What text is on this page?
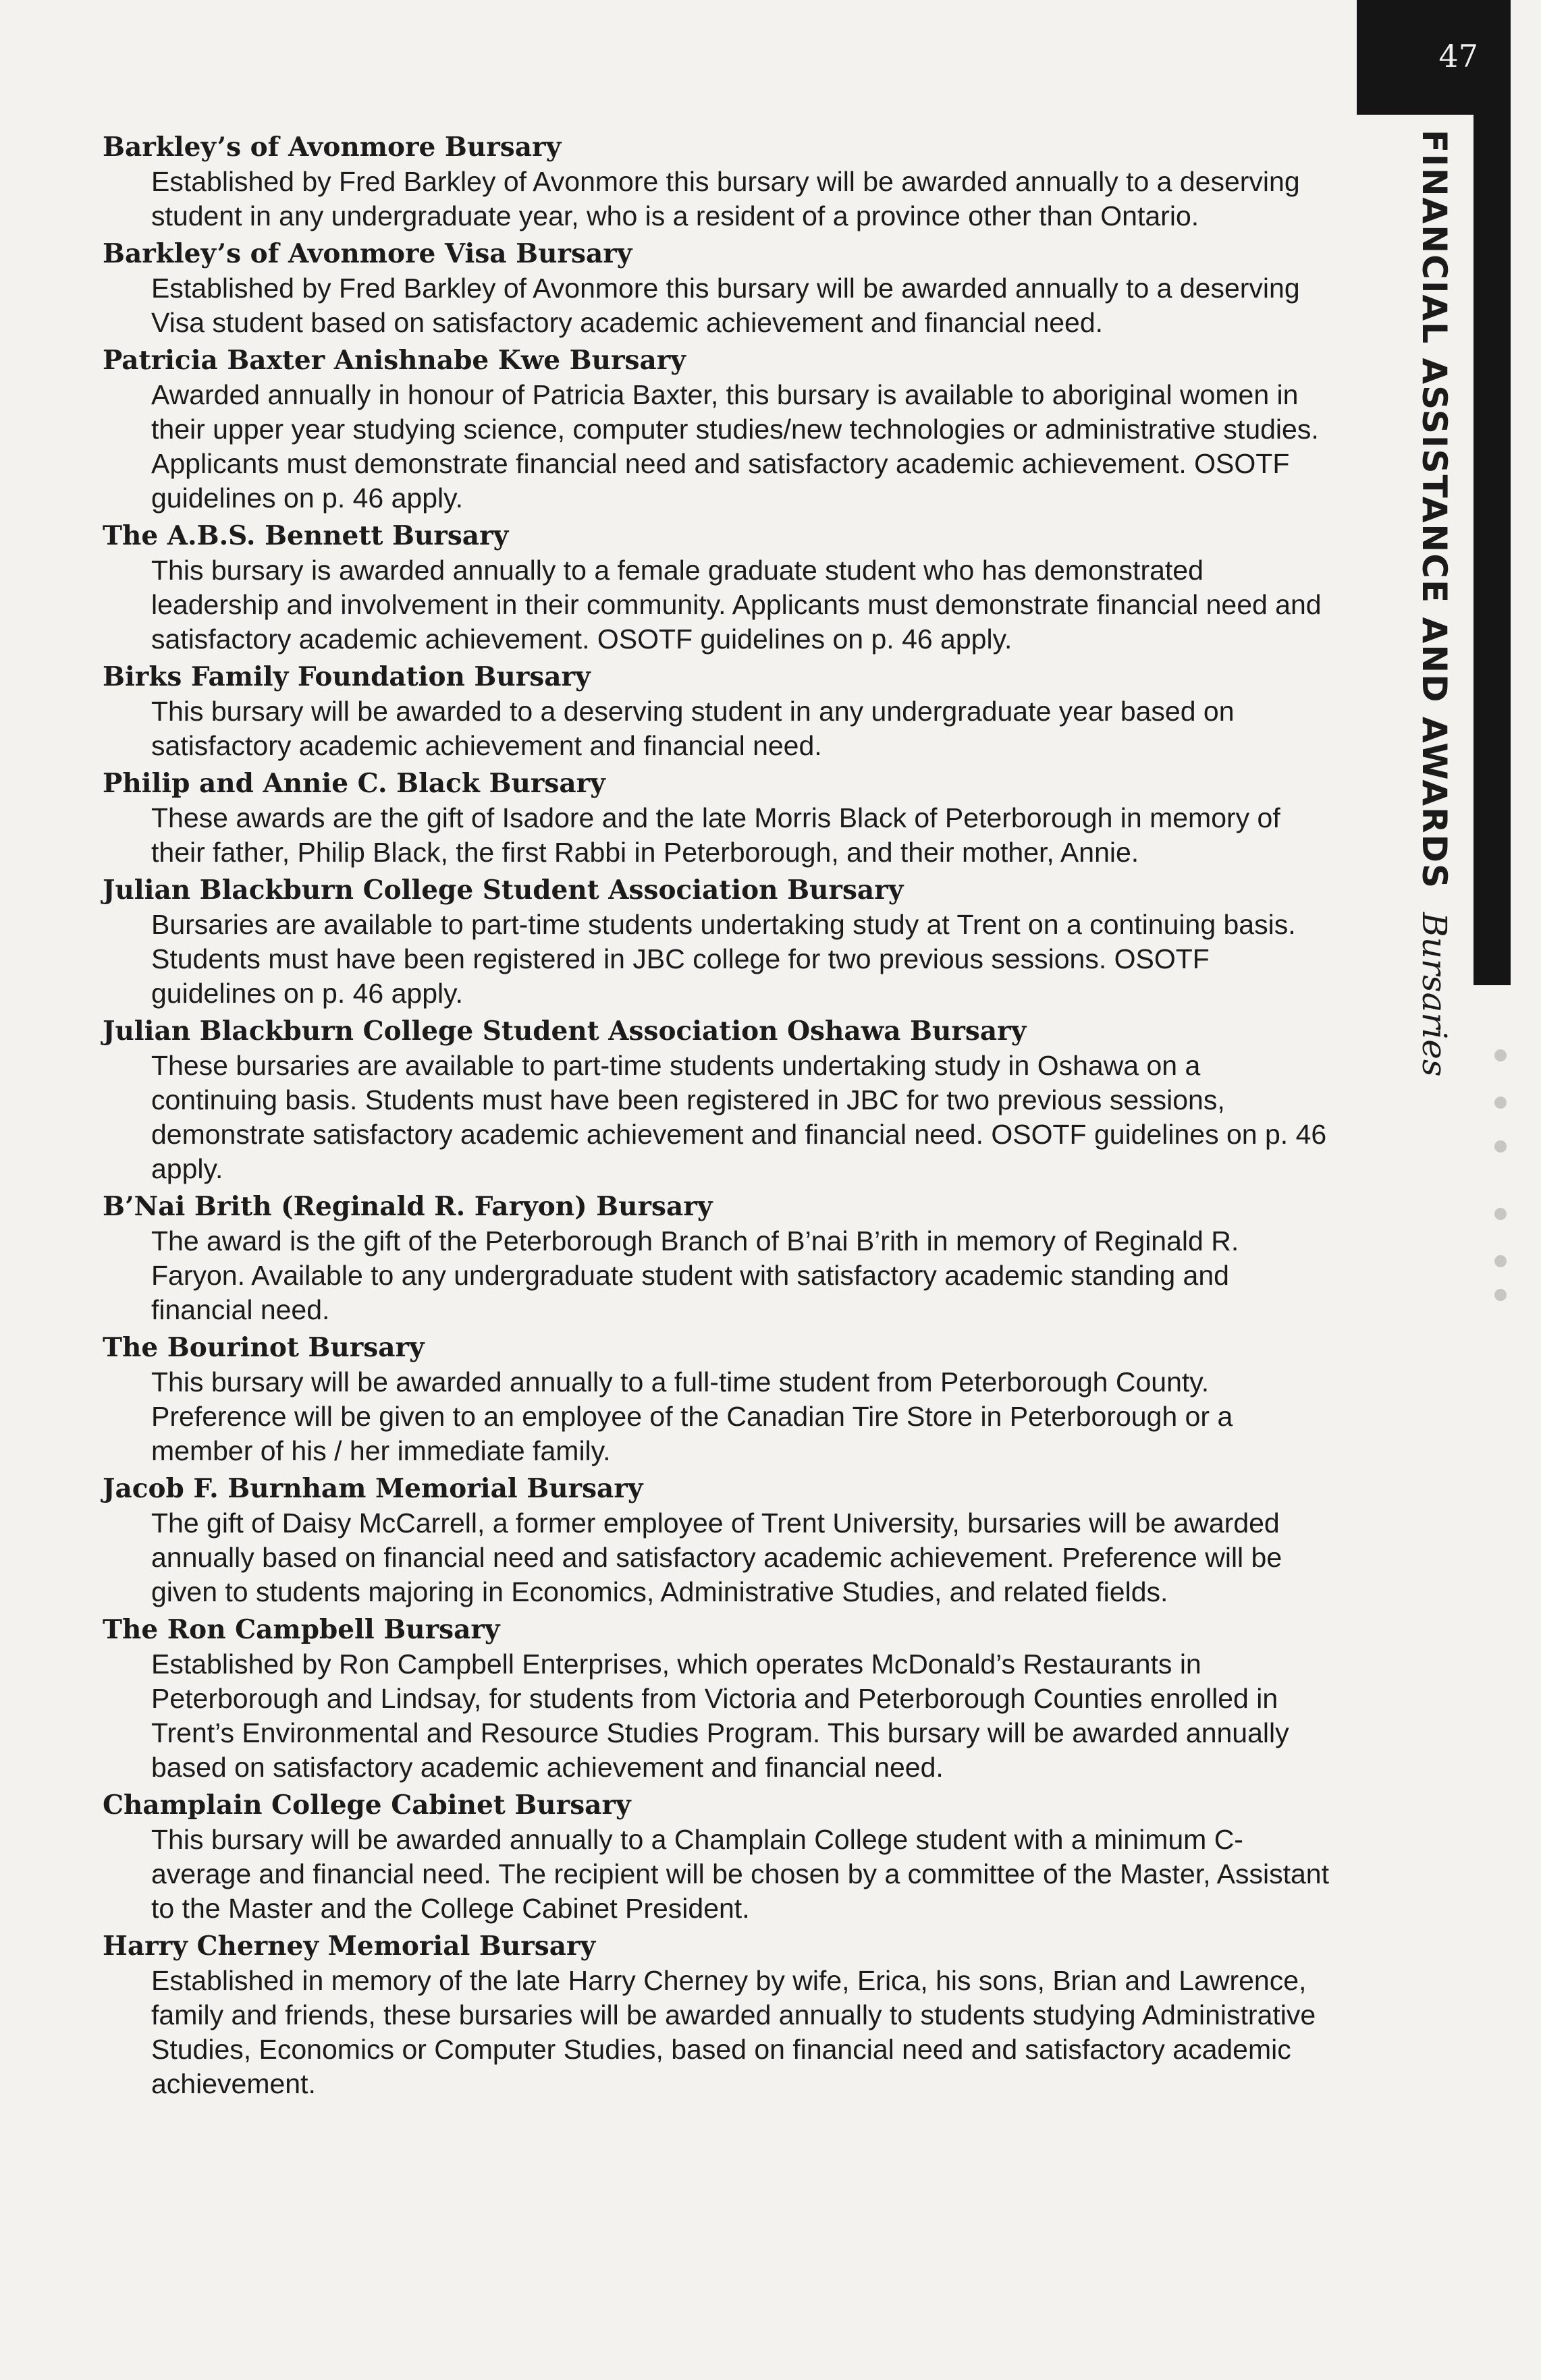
47
FINANCIAL ASSISTANCE AND AWARDSBursaries
Barkley’s of Avonmore Bursary
Established by Fred Barkley of Avonmore this bursary will be awarded annually to a deserving student in any undergraduate year, who is a resident of a province other than Ontario.
Barkley’s of Avonmore Visa Bursary
Established by Fred Barkley of Avonmore this bursary will be awarded annually to a deserving Visa student based on satisfactory academic achievement and financial need.
Patricia Baxter Anishnabe Kwe Bursary
Awarded annually in honour of Patricia Baxter, this bursary is available to aboriginal women in their upper year studying science, computer studies/new technologies or administrative studies. Applicants must demonstrate financial need and satisfactory academic achievement. OSOTF guidelines on p. 46 apply.
The A.B.S. Bennett Bursary
This bursary is awarded annually to a female graduate student who has demonstrated leadership and involvement in their community. Applicants must demonstrate financial need and satisfactory academic achievement. OSOTF guidelines on p. 46 apply.
Birks Family Foundation Bursary
This bursary will be awarded to a deserving student in any undergraduate year based on satisfactory academic achievement and financial need.
Philip and Annie C. Black Bursary
These awards are the gift of Isadore and the late Morris Black of Peterborough in memory of their father, Philip Black, the first Rabbi in Peterborough, and their mother, Annie.
Julian Blackburn College Student Association Bursary
Bursaries are available to part-time students undertaking study at Trent on a continuing basis. Students must have been registered in JBC college for two previous sessions. OSOTF guidelines on p. 46 apply.
Julian Blackburn College Student Association Oshawa Bursary
These bursaries are available to part-time students undertaking study in Oshawa on a continuing basis. Students must have been registered in JBC for two previous sessions, demonstrate satisfactory academic achievement and financial need. OSOTF guidelines on p. 46 apply.
B’Nai Brith (Reginald R. Faryon) Bursary
The award is the gift of the Peterborough Branch of B’nai B’rith in memory of Reginald R. Faryon. Available to any undergraduate student with satisfactory academic standing and financial need.
The Bourinot Bursary
This bursary will be awarded annually to a full-time student from Peterborough County. Preference will be given to an employee of the Canadian Tire Store in Peterborough or a member of his / her immediate family.
Jacob F. Burnham Memorial Bursary
The gift of Daisy McCarrell, a former employee of Trent University, bursaries will be awarded annually based on financial need and satisfactory academic achievement. Preference will be given to students majoring in Economics, Administrative Studies, and related fields.
The Ron Campbell Bursary
Established by Ron Campbell Enterprises, which operates McDonald’s Restaurants in Peterborough and Lindsay, for students from Victoria and Peterborough Counties enrolled in Trent’s Environmental and Resource Studies Program. This bursary will be awarded annually based on satisfactory academic achievement and financial need.
Champlain College Cabinet Bursary
This bursary will be awarded annually to a Champlain College student with a minimum C- average and financial need. The recipient will be chosen by a committee of the Master, Assistant to the Master and the College Cabinet President.
Harry Cherney Memorial Bursary
Established in memory of the late Harry Cherney by wife, Erica, his sons, Brian and Lawrence, family and friends, these bursaries will be awarded annually to students studying Administrative Studies, Economics or Computer Studies, based on financial need and satisfactory academic achievement.
